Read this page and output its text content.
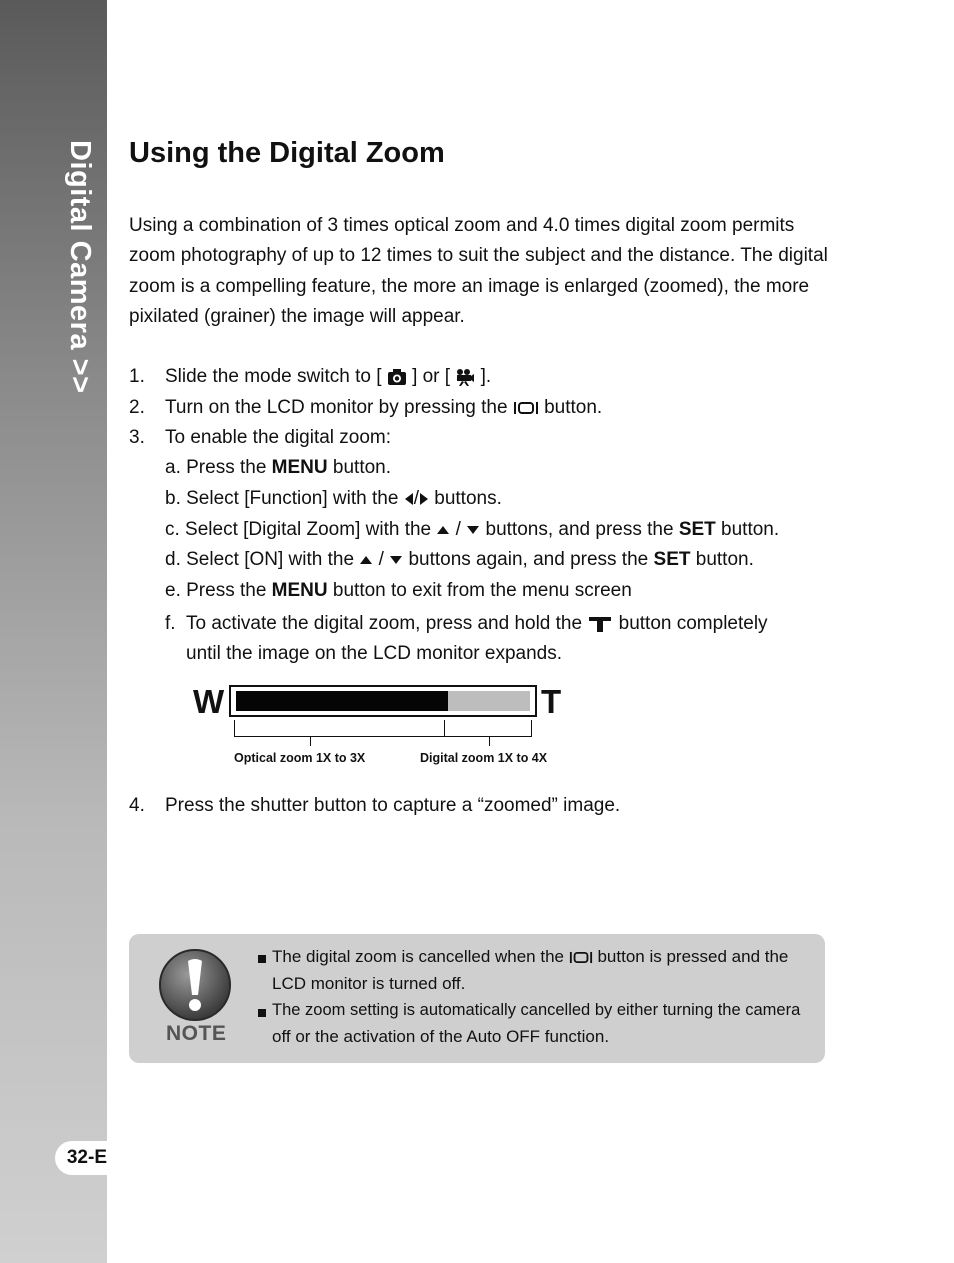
Digital Camera >>
32-E
Using the Digital Zoom

Using a combination of 3 times optical zoom and 4.0 times digital zoom permits zoom photography of up to 12 times to suit the subject and the distance. The digital zoom is a compelling feature, the more an image is enlarged (zoomed), the more pixilated (grainer) the image will appear.

1. Slide the mode switch to [ ] or [ ].
2. Turn on the LCD monitor by pressing the button.
3. To enable the digital zoom:
a. Press the MENU button.
b. Select [Function] with the / buttons.
c. Select [Digital Zoom] with the / buttons, and press the SET button.
d. Select [ON] with the / buttons again, and press the SET button.
e. Press the MENU button to exit from the menu screen
f. To activate the digital zoom, press and hold the button completely
until the image on the LCD monitor expands.
W	T
Optical zoom 1X to 3X	Digital zoom 1X to 4X
4. Press the shutter button to capture a “zoomed” image.
NOTE
The digital zoom is cancelled when the button is pressed and the
LCD monitor is turned off.
The zoom setting is automatically cancelled by either turning the camera
off or the activation of the Auto OFF function.
